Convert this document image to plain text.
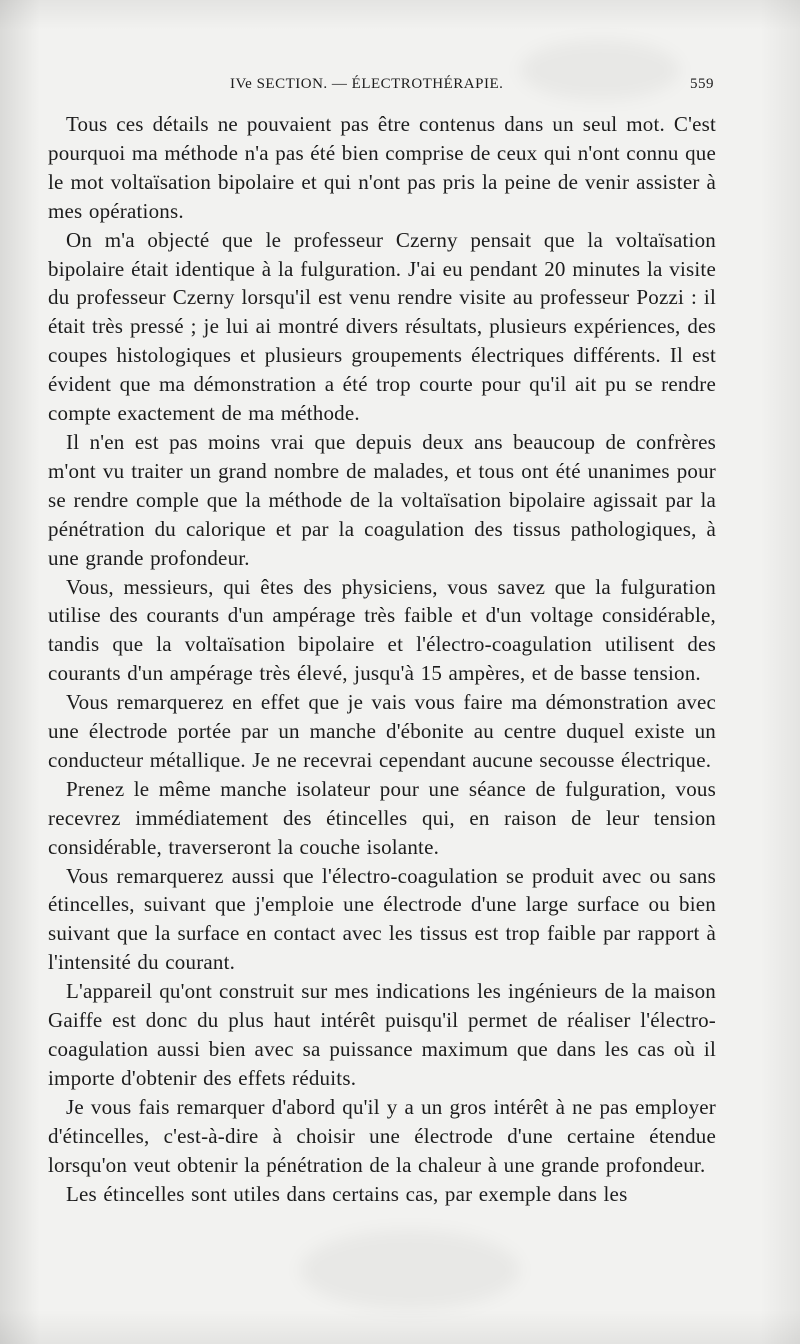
IVe SECTION. — ÉLECTROTHÉRAPIE.	559

Tous ces détails ne pouvaient pas être contenus dans un seul mot. C'est pourquoi ma méthode n'a pas été bien comprise de ceux qui n'ont connu que le mot voltaïsation bipolaire et qui n'ont pas pris la peine de venir assister à mes opérations.

On m'a objecté que le professeur Czerny pensait que la voltaïsation bipolaire était identique à la fulguration. J'ai eu pendant 20 minutes la visite du professeur Czerny lorsqu'il est venu rendre visite au professeur Pozzi : il était très pressé ; je lui ai montré divers résultats, plusieurs expériences, des coupes histologiques et plusieurs groupements électriques différents. Il est évident que ma démonstration a été trop courte pour qu'il ait pu se rendre compte exactement de ma méthode.

Il n'en est pas moins vrai que depuis deux ans beaucoup de confrères m'ont vu traiter un grand nombre de malades, et tous ont été unanimes pour se rendre comple que la méthode de la voltaïsation bipolaire agissait par la pénétration du calorique et par la coagulation des tissus pathologiques, à une grande profondeur.

Vous, messieurs, qui êtes des physiciens, vous savez que la fulguration utilise des courants d'un ampérage très faible et d'un voltage considérable, tandis que la voltaïsation bipolaire et l'électro-coagulation utilisent des courants d'un ampérage très élevé, jusqu'à 15 ampères, et de basse tension.

Vous remarquerez en effet que je vais vous faire ma démonstration avec une électrode portée par un manche d'ébonite au centre duquel existe un conducteur métallique. Je ne recevrai cependant aucune secousse électrique.

Prenez le même manche isolateur pour une séance de fulguration, vous recevrez immédiatement des étincelles qui, en raison de leur tension considérable, traverseront la couche isolante.

Vous remarquerez aussi que l'électro-coagulation se produit avec ou sans étincelles, suivant que j'emploie une électrode d'une large surface ou bien suivant que la surface en contact avec les tissus est trop faible par rapport à l'intensité du courant.

L'appareil qu'ont construit sur mes indications les ingénieurs de la maison Gaiffe est donc du plus haut intérêt puisqu'il permet de réaliser l'électro-coagulation aussi bien avec sa puissance maximum que dans les cas où il importe d'obtenir des effets réduits.

Je vous fais remarquer d'abord qu'il y a un gros intérêt à ne pas employer d'étincelles, c'est-à-dire à choisir une électrode d'une certaine étendue lorsqu'on veut obtenir la pénétration de la chaleur à une grande profondeur.

Les étincelles sont utiles dans certains cas, par exemple dans les
